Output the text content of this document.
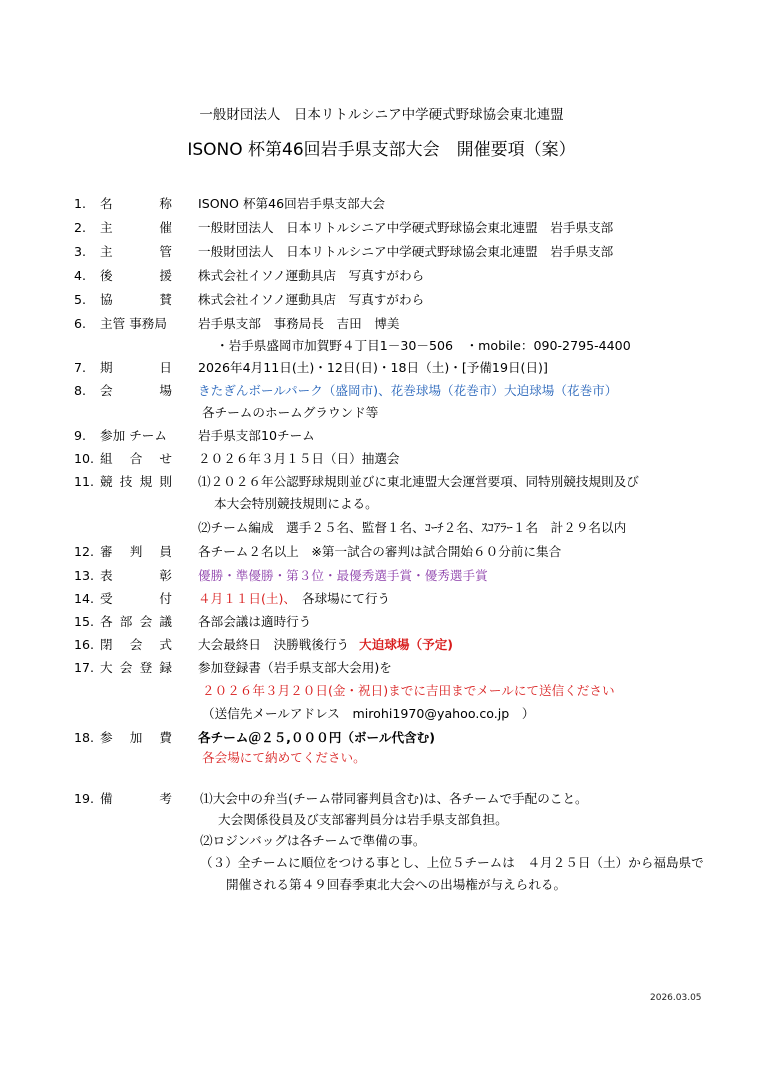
一般財団法人　日本リトルシニア中学硬式野球協会東北連盟
ISONO 杯第46回岩手県支部大会　開催要項（案）
1. 名	称 ISONO 杯第46回岩手県支部大会
2. 主	催 一般財団法人　日本リトルシニア中学硬式野球協会東北連盟　岩手県支部
3. 主	管 一般財団法人　日本リトルシニア中学硬式野球協会東北連盟　岩手県支部
4. 後	援 株式会社イソノ運動具店　写真すがわら
5. 協	賛 株式会社イソノ運動具店　写真すがわら
6. 主管 事務局 岩手県支部　事務局長　吉田　博美
・岩手県盛岡市加賀野４丁目1－30－506　・mobile：090-2795-4400
7. 期	日 2026年4月11日(土)・12日(日)・18日（土)・[予備19日(日)]
8. 会	場 きたぎんボールパーク（盛岡市)、花巻球場（花巻市）大迫球場（花巻市）
各チームのホームグラウンド等
9. 参加 チーム 岩手県支部10チーム
10. 組 合 せ ２０２６年３月１５日（日）抽選会
11. 競 技 規 則 ⑴２０２６年公認野球規則並びに東北連盟大会運営要項、同特別競技規則及び
本大会特別競技規則による。
⑵チーム編成　選手２５名、監督１名、ｺｰﾁ２名、ｽｺｱﾗｰ１名　計２９名以内
12. 審 判 員 各チーム２名以上　※第一試合の審判は試合開始６０分前に集合
13. 表	彰 優勝・準優勝・第３位・最優秀選手賞・優秀選手賞
14. 受	付 ４月１１日(土)、 各球場にて行う
15. 各 部 会 議 各部会議は適時行う
16. 閉 会 式 大会最終日　決勝戦後行う 大迫球場（予定)
17. 大 会 登 録 参加登録書（岩手県支部大会用)を
２０２６年３月２０日(金・祝日)までに吉田までメールにて送信ください
（送信先メールアドレス　mirohi1970@yahoo.co.jp　）
18. 参 加 費 各チーム＠２５,０００円（ボール代含む)
各会場にて納めてください。
19. 備	考 ⑴大会中の弁当(チーム帯同審判員含む)は、各チームで手配のこと。
大会関係役員及び支部審判員分は岩手県支部負担。
⑵ロジンバッグは各チームで準備の事。
（３）全チームに順位をつける事とし、上位５チームは　４月２５日（土）から福島県で
開催される第４９回春季東北大会への出場権が与えられる。
2026.03.05
